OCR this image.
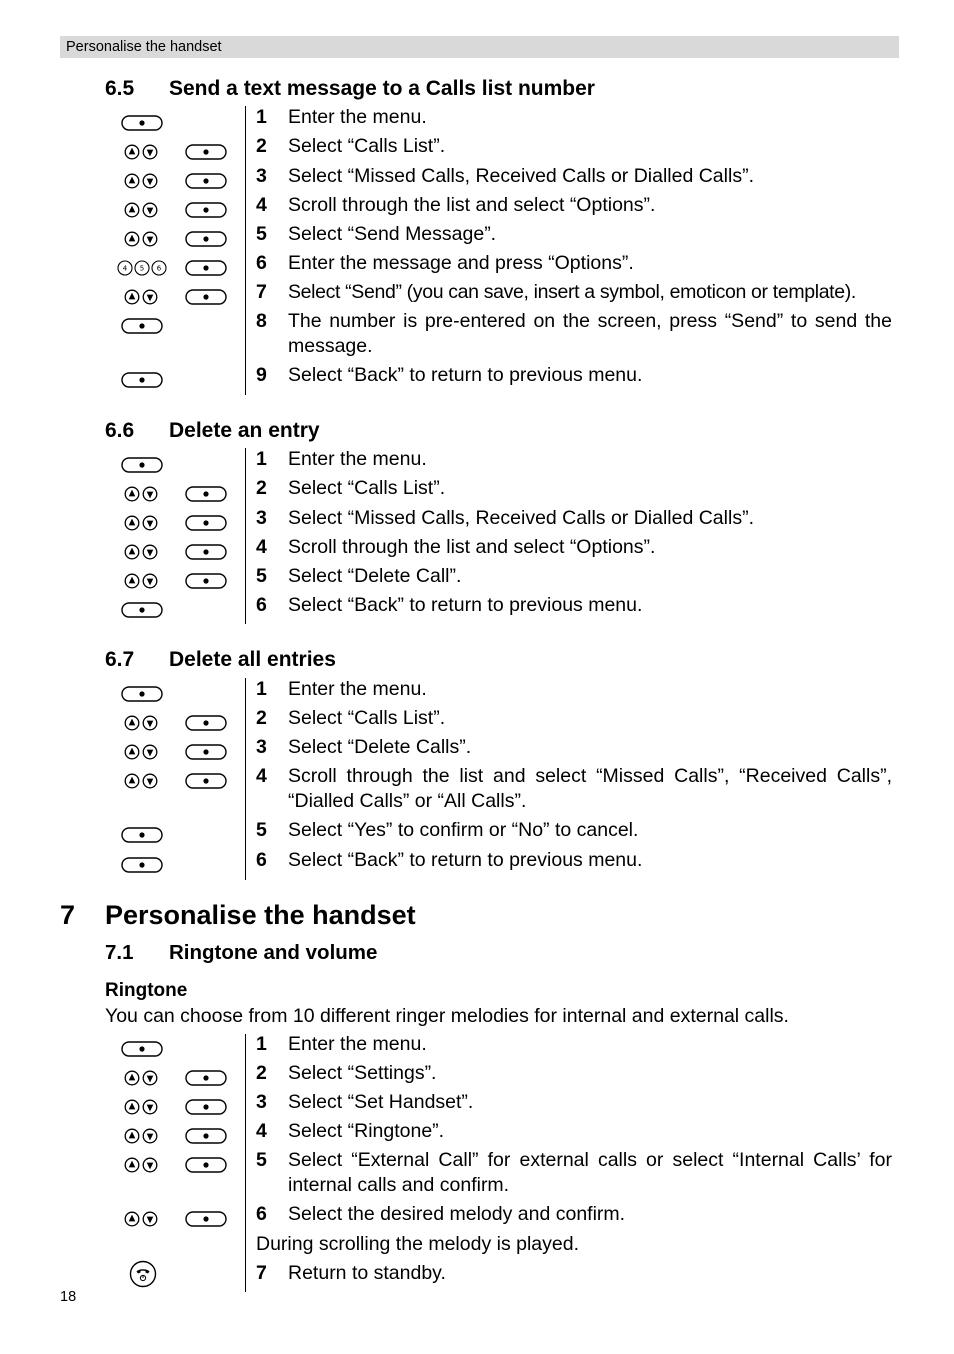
Personalise the handset
6.5 Send a text message to a Calls list number
1	Enter the menu.
2	Select “Calls List”.
3	Select “Missed Calls, Received Calls or Dialled Calls”.
4	Scroll through the list and select “Options”.
5	Select “Send Message”.
6	Enter the message and press “Options”.
7	Select “Send” (you can save, insert a symbol, emoticon or template).
8	The number is pre-entered on the screen, press “Send” to send the message.
9	Select “Back” to return to previous menu.
6.6 Delete an entry
1	Enter the menu.
2	Select “Calls List”.
3	Select “Missed Calls, Received Calls or Dialled Calls”.
4	Scroll through the list and select “Options”.
5	Select “Delete Call”.
6	Select “Back” to return to previous menu.
6.7 Delete all entries
1	Enter the menu.
2	Select “Calls List”.
3	Select “Delete Calls”.
4	Scroll through the list and select “Missed Calls”, “Received Calls”, “Dialled Calls” or “All Calls”.
5	Select “Yes” to confirm or “No” to cancel.
6	Select “Back” to return to previous menu.
7 Personalise the handset
7.1 Ringtone and volume
Ringtone
You can choose from 10 different ringer melodies for internal and external calls.
1	Enter the menu.
2	Select “Settings”.
3	Select “Set Handset”.
4	Select “Ringtone”.
5	Select “External Call” for external calls or select “Internal Calls’ for internal calls and confirm.
6	Select the desired melody and confirm.
During scrolling the melody is played.
7	Return to standby.
18
